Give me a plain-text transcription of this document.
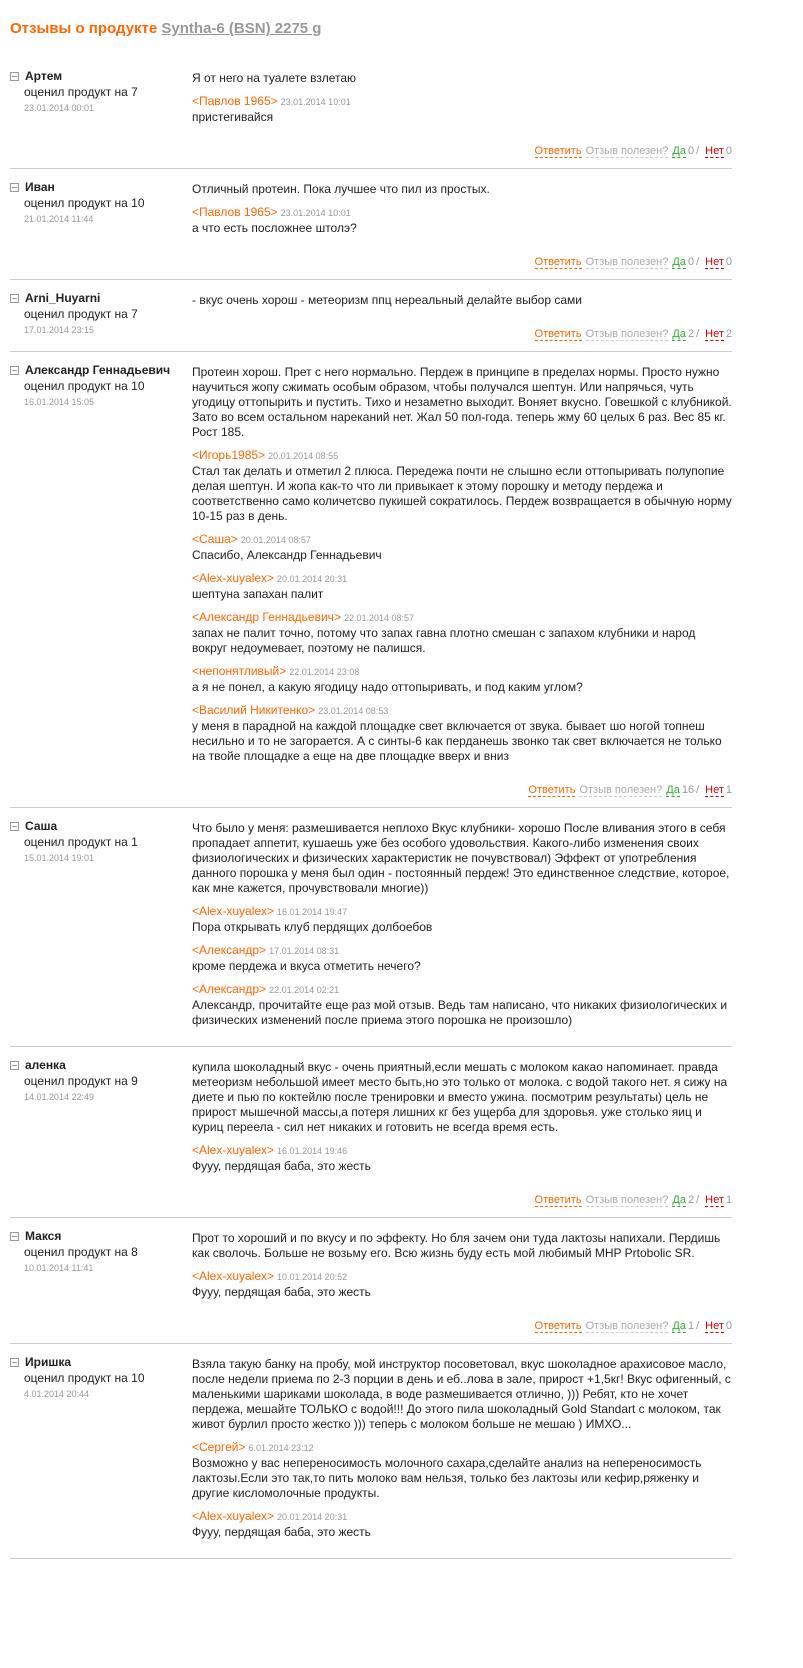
Отзывы о продукте Syntha-6 (BSN) 2275 g
Артем
оценил продукт на 7
23.01.2014 00:01
Я от него на туалете взлетаю
<Павлов 1965> 23.01.2014 10:01
пристегивайся
Ответить Отзыв полезен? Да 0 / Нет 0
Иван
оценил продукт на 10
21.01.2014 11:44
Отличный протеин. Пока лучшее что пил из простых.
<Павлов 1965> 23.01.2014 10:01
а что есть посложнее штолэ?
Ответить Отзыв полезен? Да 0 / Нет 0
Arni_Huyarni
оценил продукт на 7
17.01.2014 23:15
- вкус очень хорош - метеоризм ппц нереальный делайте выбор сами
Ответить Отзыв полезен? Да 2 / Нет 2
Александр Геннадьевич
оценил продукт на 10
16.01.2014 15:05
Протеин хорош. Прет с него нормально. Пердеж в принципе в пределах нормы. Просто нужно научиться жопу сжимать особым образом, чтобы получался шептун. Или напрячься, чуть угодицу оттопырить и пустить. Тихо и незаметно выходит. Воняет вкусно. Говешкой с клубникой. Зато во всем остальном нареканий нет. Жал 50 пол-года. теперь жму 60 целых 6 раз. Вес 85 кг. Рост 185.
<Игорь1985> 20.01.2014 08:55
Стал так делать и отметил 2 плюса. Передежа почти не слышно если оттопыривать полупопие делая шептун. И жопа как-то что ли привыкает к этому порошку и методу пердежа и соответственно само количетсво пукишей сократилось. Пердеж возвращается в обычную норму 10-15 раз в день.
<Саша> 20.01.2014 08:57
Спасибо, Александр Геннадьевич
<Alex-xuyalex> 20.01.2014 20:31
шептуна запахан палит
<Александр Геннадьевич> 22.01.2014 08:57
запах не палит точно, потому что запах гавна плотно смешан с запахом клубники и народ вокруг недоумевает, поэтому не палишся.
<непонятливый> 22.01.2014 23:08
а я не понел, а какую ягодицу надо оттопыривать, и под каким углом?
<Василий Никитенко> 23.01.2014 08:53
у меня в парадной на каждой площадке свет включается от звука. бывает шо ногой топнеш несильно и то не загорается. А с синты-6 как перданешь звонко так свет включается не только на твойе площадке а еще на две площадке вверх и вниз
Ответить Отзыв полезен? Да 16 / Нет 1
Саша
оценил продукт на 1
15.01.2014 19:01
Что было у меня: размешивается неплохо Вкус клубники- хорошо После вливания этого в себя пропадает аппетит, кушаешь уже без особого удовольствия. Какого-либо изменения своих физиологических и физических характеристик не почувствовал) Эффект от употребления данного порошка у меня был один - постоянный пердеж! Это единственное следствие, которое, как мне кажется, прочувствовали многие))
<Alex-xuyalex> 16.01.2014 19:47
Пора открывать клуб пердящих долбоебов
<Александр> 17.01.2014 08:31
кроме пердежа и вкуса отметить нечего?
<Александр> 22.01.2014 02:21
Александр, прочитайте еще раз мой отзыв. Ведь там написано, что никаких физиологических и физических изменений после приема этого порошка не произошло)
аленка
оценил продукт на 9
14.01.2014 22:49
купила шоколадный вкус - очень приятный,если мешать с молоком какао напоминает. правда метеоризм небольшой имеет место быть,но это только от молока. с водой такого нет. я сижу на диете и пью по коктейлю после тренировки и вместо ужина. посмотрим результаты) цель не прирост мышечной массы,а потеря лишних кг без ущерба для здоровья. уже столько яиц и куриц переела - сил нет никаких и готовить не всегда время есть.
<Alex-xuyalex> 16.01.2014 19:46
Фууу, пердящая баба, это жесть
Ответить Отзыв полезен? Да 2 / Нет 1
Макся
оценил продукт на 8
10.01.2014 11:41
Прот то хороший и по вкусу и по эффекту. Но бля зачем они туда лактозы напихали. Пердишь как сволочь. Больше не возьму его. Всю жизнь буду есть мой любимый MHP Prtobolic SR.
<Alex-xuyalex> 10.01.2014 20:52
Фууу, пердящая баба, это жесть
Ответить Отзыв полезен? Да 1 / Нет 0
Иришка
оценил продукт на 10
4.01.2014 20:44
Взяла такую банку на пробу, мой инструктор посоветовал, вкус шоколадное арахисовое масло, после недели приема по 2-3 порции в день и еб..лова в зале, прирост +1,5кг! Вкус офигенный, с маленькими шариками шоколада, в воде размешивается отлично, ))) Ребят, кто не хочет пердежа, мешайте ТОЛЬКО с водой!!! До этого пила шоколадный Gold Standart с молоком, так живот бурлил просто жестко ))) теперь с молоком больше не мешаю ) ИМХО...
<Сергей> 6.01.2014 23:12
Возможно у вас непереносимость молочного сахара,сделайте анализ на непереносимость лактозы.Если это так,то пить молоко вам нельзя, только без лактозы или кефир,ряженку и другие кисломолочные продукты.
<Alex-xuyalex> 20.01.2014 20:31
Фууу, пердящая баба, это жесть
